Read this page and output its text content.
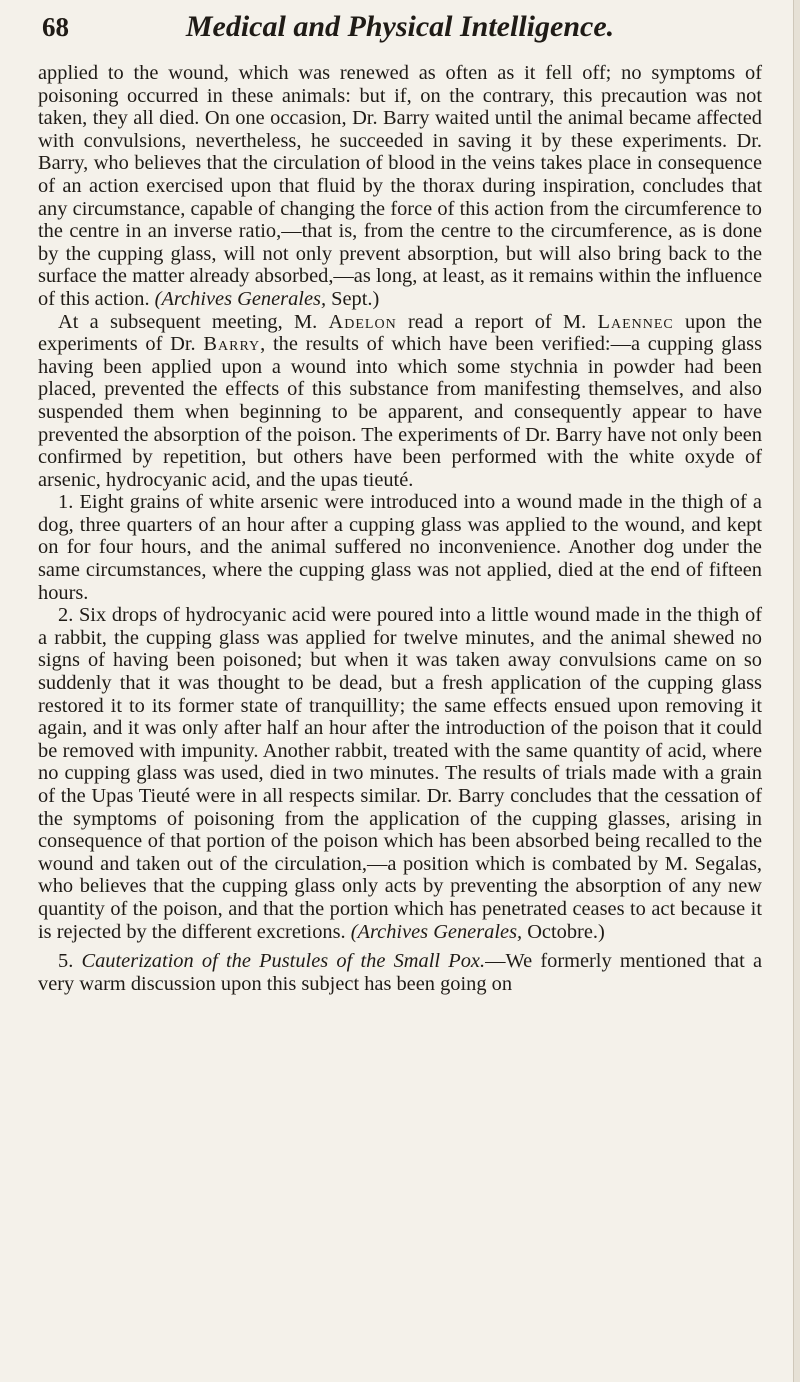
68	Medical and Physical Intelligence.

applied to the wound, which was renewed as often as it fell off; no symptoms of poisoning occurred in these animals: but if, on the contrary, this precaution was not taken, they all died. On one occasion, Dr. Barry waited until the animal became affected with convulsions, nevertheless, he succeeded in saving it by these experiments. Dr. Barry, who believes that the circulation of blood in the veins takes place in consequence of an action exercised upon that fluid by the thorax during inspiration, concludes that any circumstance, capable of changing the force of this action from the circumference to the centre in an inverse ratio,—that is, from the centre to the circumference, as is done by the cupping glass, will not only prevent absorption, but will also bring back to the surface the matter already absorbed,—as long, at least, as it remains within the influence of this action. (Archives Generales, Sept.)

At a subsequent meeting, M. Adelon read a report of M. Laennec upon the experiments of Dr. Barry, the results of which have been verified:—a cupping glass having been applied upon a wound into which some stychnia in powder had been placed, prevented the effects of this substance from manifesting themselves, and also suspended them when beginning to be apparent, and consequently appear to have prevented the absorption of the poison. The experiments of Dr. Barry have not only been confirmed by repetition, but others have been performed with the white oxyde of arsenic, hydrocyanic acid, and the upas tieuté.

1. Eight grains of white arsenic were introduced into a wound made in the thigh of a dog, three quarters of an hour after a cupping glass was applied to the wound, and kept on for four hours, and the animal suffered no inconvenience. Another dog under the same circumstances, where the cupping glass was not applied, died at the end of fifteen hours.

2. Six drops of hydrocyanic acid were poured into a little wound made in the thigh of a rabbit, the cupping glass was applied for twelve minutes, and the animal shewed no signs of having been poisoned; but when it was taken away convulsions came on so suddenly that it was thought to be dead, but a fresh application of the cupping glass restored it to its former state of tranquillity; the same effects ensued upon removing it again, and it was only after half an hour after the introduction of the poison that it could be removed with impunity. Another rabbit, treated with the same quantity of acid, where no cupping glass was used, died in two minutes. The results of trials made with a grain of the Upas Tieuté were in all respects similar. Dr. Barry concludes that the cessation of the symptoms of poisoning from the application of the cupping glasses, arising in consequence of that portion of the poison which has been absorbed being recalled to the wound and taken out of the circulation,—a position which is combated by M. Segalas, who believes that the cupping glass only acts by preventing the absorption of any new quantity of the poison, and that the portion which has penetrated ceases to act because it is rejected by the different excretions. (Archives Generales, Octobre.)

5. Cauterization of the Pustules of the Small Pox.—We formerly mentioned that a very warm discussion upon this subject has been going on
